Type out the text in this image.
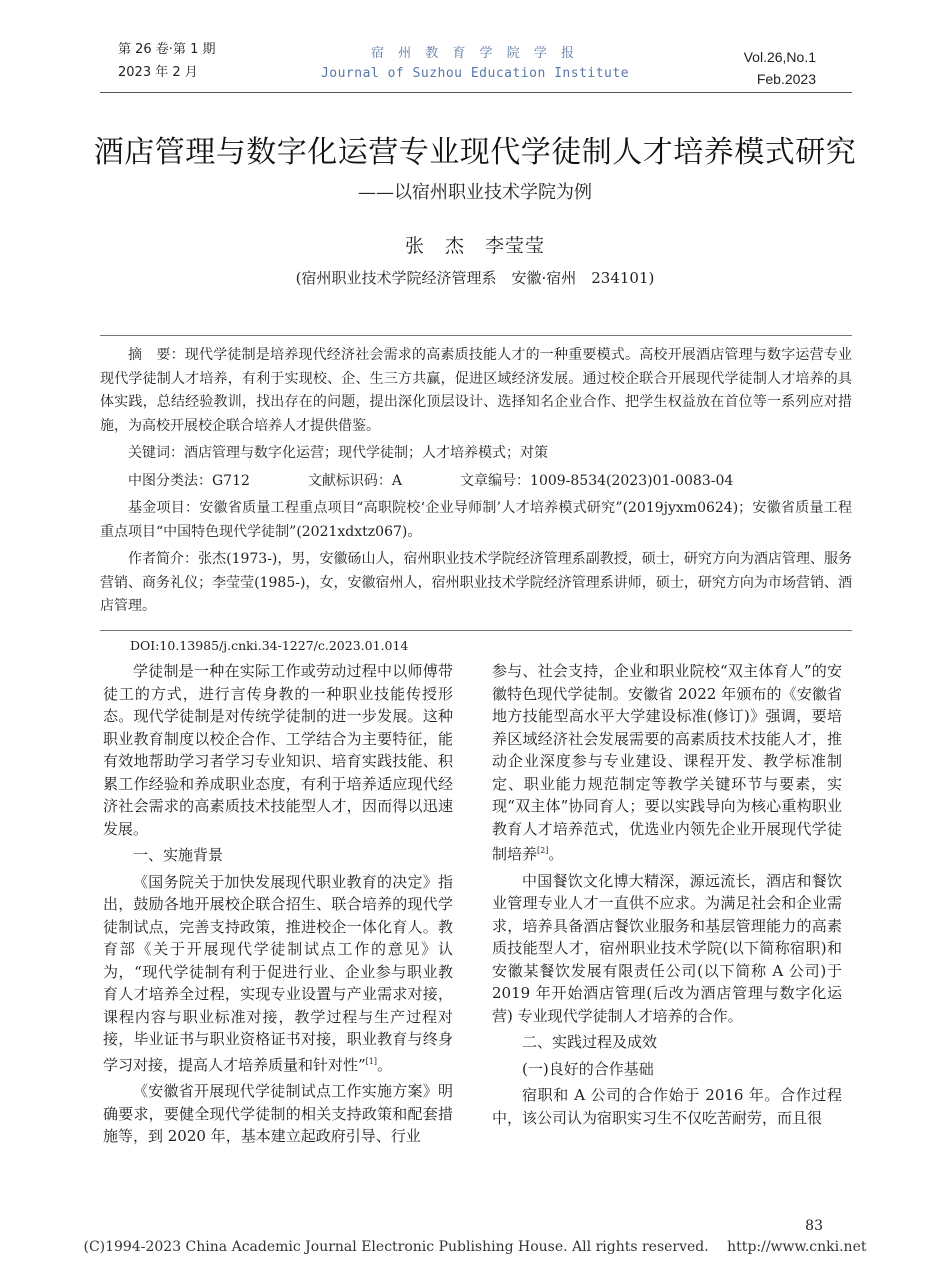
第 26 卷·第 1 期
2023 年 2 月
宿 州 教 育 学 院 学 报
Journal of Suzhou Education Institute
Vol.26,No.1
Feb.2023
酒店管理与数字化运营专业现代学徒制人才培养模式研究
——以宿州职业技术学院为例
张　杰　李莹莹
(宿州职业技术学院经济管理系　安徽·宿州　234101)

摘　要：现代学徒制是培养现代经济社会需求的高素质技能人才的一种重要模式。高校开展酒店管理与数字运营专业现代学徒制人才培养，有利于实现校、企、生三方共赢，促进区域经济发展。通过校企联合开展现代学徒制人才培养的具体实践，总结经验教训，找出存在的问题，提出深化顶层设计、选择知名企业合作、把学生权益放在首位等一系列应对措施，为高校开展校企联合培养人才提供借鉴。

关键词：酒店管理与数字化运营；现代学徒制；人才培养模式；对策

中图分类法：G712	文献标识码：A	文章编号：1009-8534(2023)01-0083-04

基金项目：安徽省质量工程重点项目“高职院校‘企业导师制’人才培养模式研究”(2019jyxm0624)；安徽省质量工程重点项目“中国特色现代学徒制”(2021xdxtz067)。

作者简介：张杰(1973-)，男，安徽砀山人，宿州职业技术学院经济管理系副教授，硕士，研究方向为酒店管理、服务营销、商务礼仪；李莹莹(1985-)，女，安徽宿州人，宿州职业技术学院经济管理系讲师，硕士，研究方向为市场营销、酒店管理。

DOI:10.13985/j.cnki.34-1227/c.2023.01.014

学徒制是一种在实际工作或劳动过程中以师傅带徒工的方式，进行言传身教的一种职业技能传授形态。现代学徒制是对传统学徒制的进一步发展。这种职业教育制度以校企合作、工学结合为主要特征，能有效地帮助学习者学习专业知识、培育实践技能、积累工作经验和养成职业态度，有利于培养适应现代经济社会需求的高素质技术技能型人才，因而得以迅速发展。

一、实施背景

《国务院关于加快发展现代职业教育的决定》指出，鼓励各地开展校企联合招生、联合培养的现代学徒制试点，完善支持政策，推进校企一体化育人。教育部《关于开展现代学徒制试点工作的意见》认为，“现代学徒制有利于促进行业、企业参与职业教育人才培养全过程，实现专业设置与产业需求对接，课程内容与职业标准对接，教学过程与生产过程对接，毕业证书与职业资格证书对接，职业教育与终身学习对接，提高人才培养质量和针对性”[1]。

《安徽省开展现代学徒制试点工作实施方案》明确要求，要健全现代学徒制的相关支持政策和配套措施等，到 2020 年，基本建立起政府引导、行业

参与、社会支持，企业和职业院校“双主体育人”的安徽特色现代学徒制。安徽省 2022 年颁布的《安徽省地方技能型高水平大学建设标准(修订)》强调，要培养区域经济社会发展需要的高素质技术技能人才，推动企业深度参与专业建设、课程开发、教学标准制定、职业能力规范制定等教学关键环节与要素，实现“双主体”协同育人；要以实践导向为核心重构职业教育人才培养范式，优选业内领先企业开展现代学徒制培养[2]。

中国餐饮文化博大精深，源远流长，酒店和餐饮业管理专业人才一直供不应求。为满足社会和企业需求，培养具备酒店餐饮业服务和基层管理能力的高素质技能型人才，宿州职业技术学院(以下简称宿职)和安徽某餐饮发展有限责任公司(以下简称 A 公司)于 2019 年开始酒店管理(后改为酒店管理与数字化运营) 专业现代学徒制人才培养的合作。

二、实践过程及成效

(一)良好的合作基础

宿职和 A 公司的合作始于 2016 年。合作过程中，该公司认为宿职实习生不仅吃苦耐劳，而且很

83
(C)1994-2023 China Academic Journal Electronic Publishing House. All rights reserved.　 http://www.cnki.net
